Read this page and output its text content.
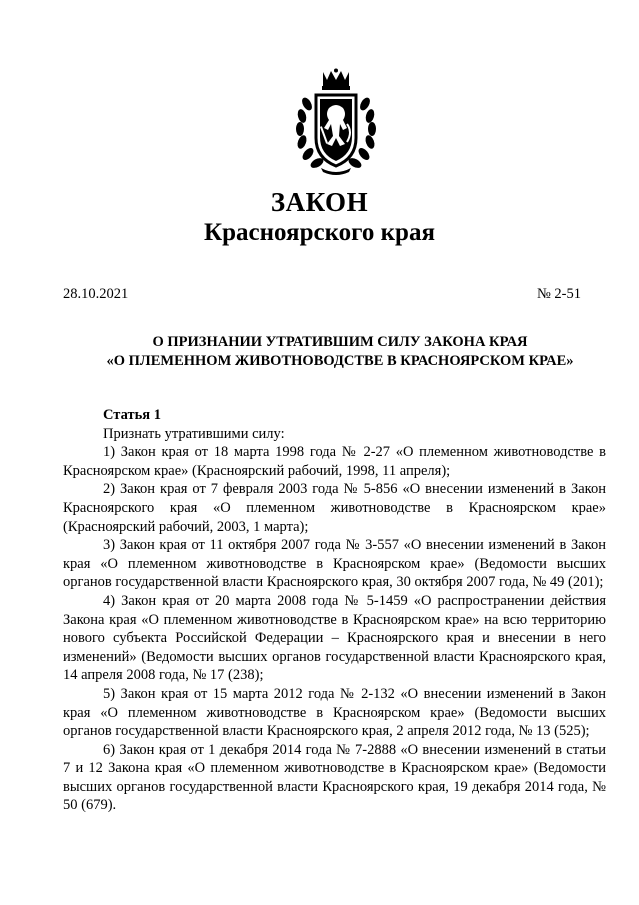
ЗАКОН
Красноярского края
28.10.2021	№ 2-51
О ПРИЗНАНИИ УТРАТИВШИМ СИЛУ ЗАКОНА КРАЯ
«О ПЛЕМЕННОМ ЖИВОТНОВОДСТВЕ В КРАСНОЯРСКОМ КРАЕ»

Статья 1

Признать утратившими силу:

1) Закон края от 18 марта 1998 года № 2-27 «О племенном животноводстве в Красноярском крае» (Красноярский рабочий, 1998, 11 апреля);
2) Закон края от 7 февраля 2003 года № 5-856 «О внесении изменений в Закон Красноярского края «О племенном животноводстве в Красноярском крае» (Красноярский рабочий, 2003, 1 марта);
3) Закон края от 11 октября 2007 года № 3-557 «О внесении изменений в Закон края «О племенном животноводстве в Красноярском крае» (Ведомости высших органов государственной власти Красноярского края, 30 октября 2007 года, № 49 (201);
4) Закон края от 20 марта 2008 года № 5-1459 «О распространении действия Закона края «О племенном животноводстве в Красноярском крае» на всю территорию нового субъекта Российской Федерации – Красноярского края и внесении в него изменений» (Ведомости высших органов государственной власти Красноярского края, 14 апреля 2008 года, № 17 (238);
5) Закон края от 15 марта 2012 года № 2-132 «О внесении изменений в Закон края «О племенном животноводстве в Красноярском крае» (Ведомости высших органов государственной власти Красноярского края, 2 апреля 2012 года, № 13 (525);
6) Закон края от 1 декабря 2014 года № 7-2888 «О внесении изменений в статьи 7 и 12 Закона края «О племенном животноводстве в Красноярском крае» (Ведомости высших органов государственной власти Красноярского края, 19 декабря 2014 года, № 50 (679).
